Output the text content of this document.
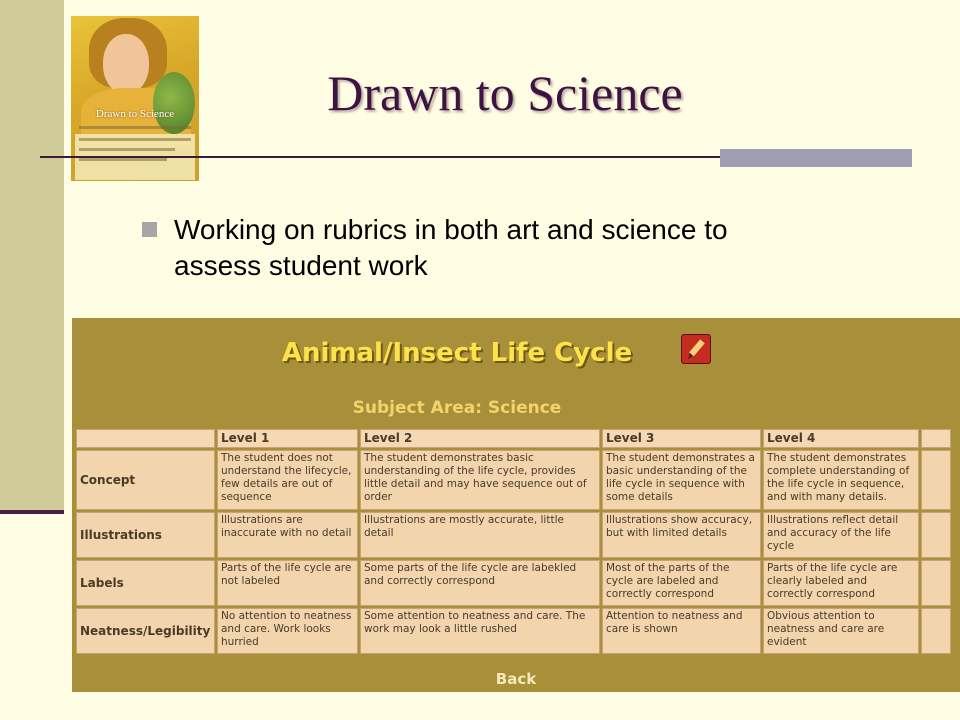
Drawn to Science	Drawn to Science
Working on rubrics in both art and science to assess student work
Animal/Insect Life Cycle
Subject Area: Science
	Level 1	Level 2	Level 3	Level 4	
Concept	The student does not understand the lifecycle, few details are out of sequence	The student demonstrates basic understanding of the life cycle, provides little detail and may have sequence out of order	The student demonstrates a basic understanding of the life cycle in sequence with some details	The student demonstrates complete understanding of the life cycle in sequence, and with many details.	
Illustrations	Illustrations are inaccurate with no detail	Illustrations are mostly accurate, little detail	Illustrations show accuracy, but with limited details	Illustrations reflect detail and accuracy of the life cycle	
Labels	Parts of the life cycle are not labeled	Some parts of the life cycle are labekled and correctly correspond	Most of the parts of the cycle are labeled and correctly correspond	Parts of the life cycle are clearly labeled and correctly correspond	
Neatness/Legibility	No attention to neatness and care. Work looks hurried	Some attention to neatness and care. The work may look a little rushed	Attention to neatness and care is shown	Obvious attention to neatness and care are evident	
Back
